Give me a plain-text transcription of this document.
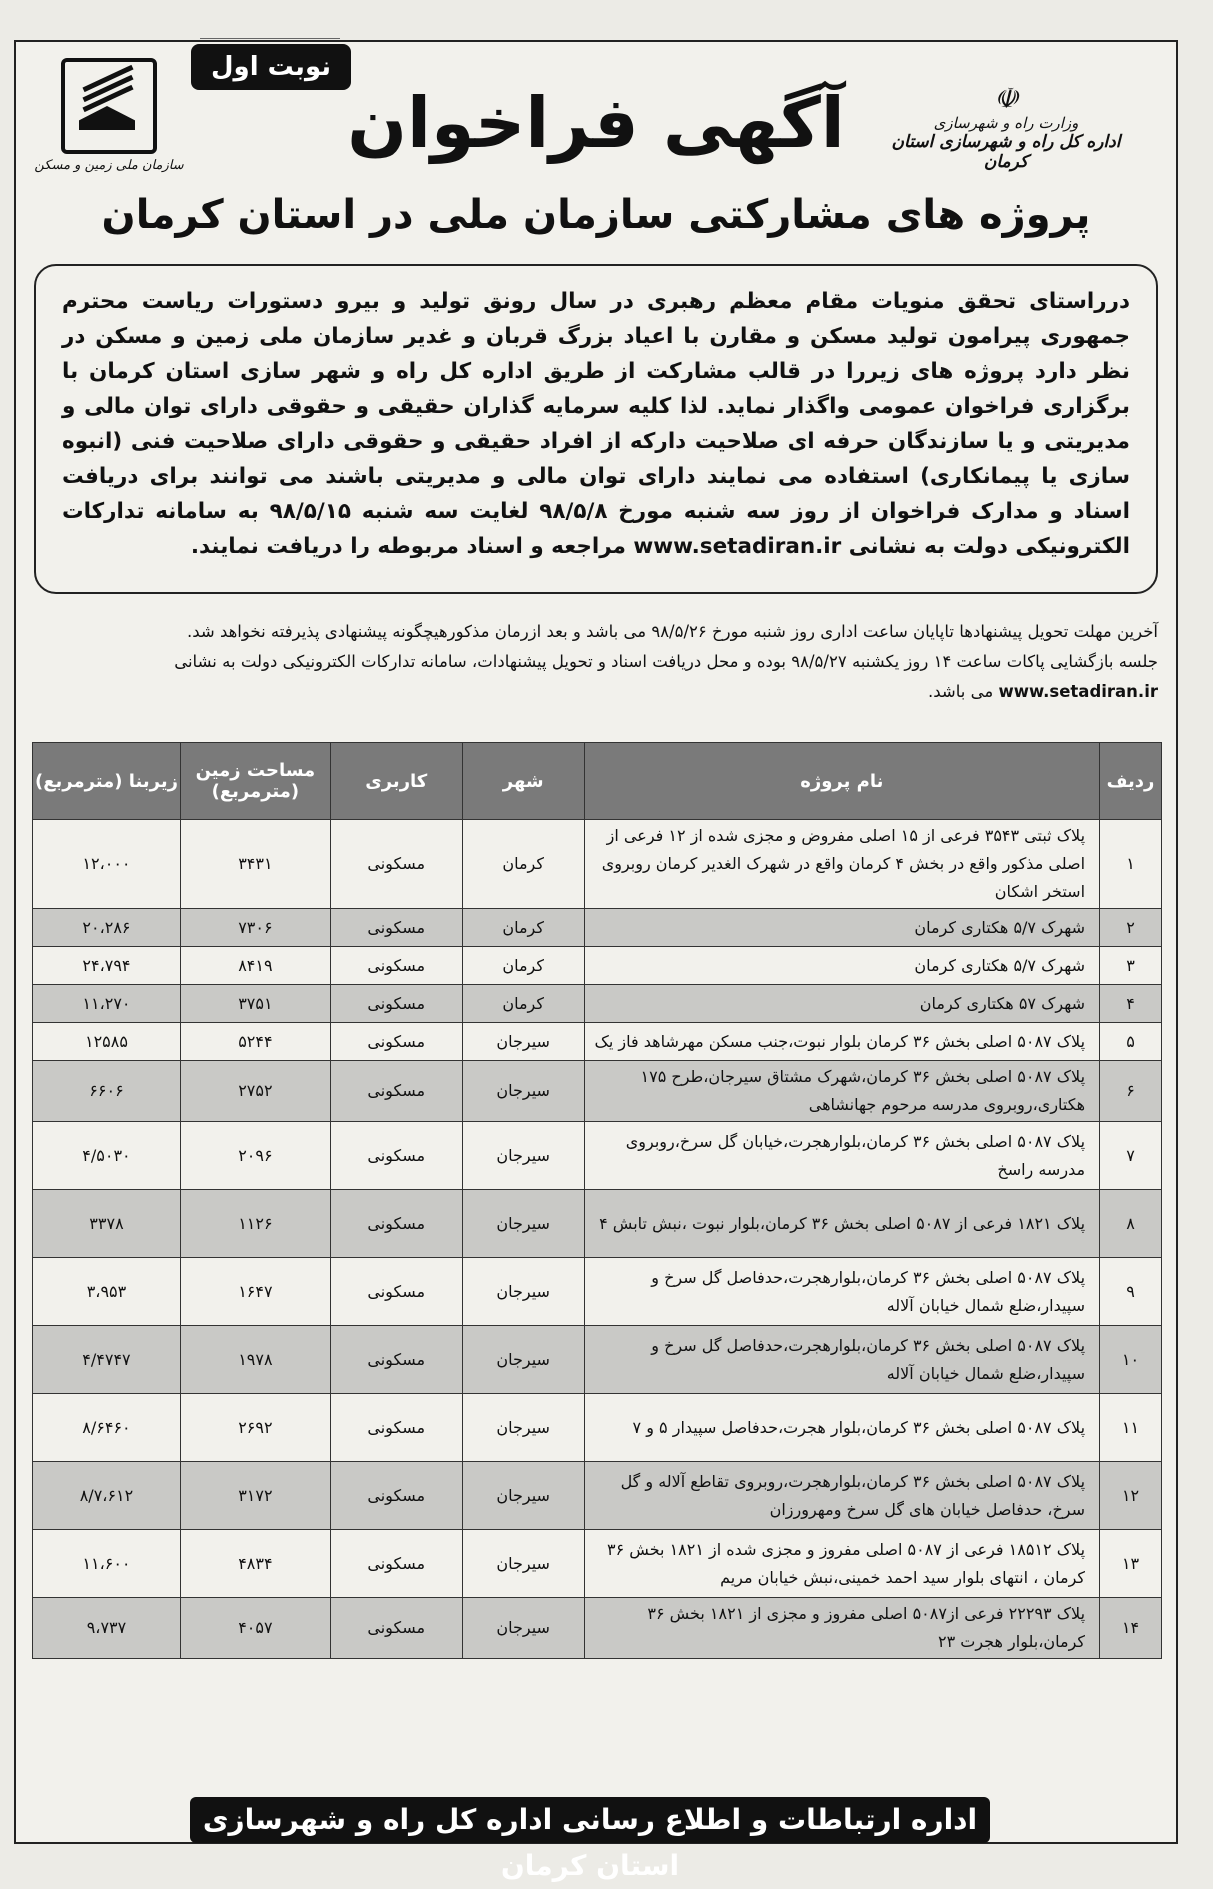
☫
وزارت راه و شهرسازی
اداره کل راه و شهرسازی استان کرمان
نوبت اول
سازمان ملی زمین و مسکن
آگهی فراخوان
پروژه های مشارکتی سازمان ملی در استان کرمان
درراستای تحقق منویات مقام معظم رهبری در سال رونق تولید و بیرو دستورات ریاست محترم جمهوری پیرامون تولید مسکن و مقارن با اعیاد بزرگ قربان و غدیر سازمان ملی زمین و مسکن در نظر دارد پروژه های زیررا در قالب مشارکت از طریق اداره کل راه و شهر سازی استان کرمان با برگزاری فراخوان عمومی واگذار نماید. لذا کلیه سرمایه گذاران حقیقی و حقوقی دارای توان مالی و مدیریتی و یا سازندگان حرفه ای صلاحیت دارکه از افراد حقیقی و حقوقی دارای صلاحیت فنی (انبوه سازی یا پیمانکاری) استفاده می نمایند دارای توان مالی و مدیریتی باشند می توانند برای دریافت اسناد و مدارک فراخوان از روز سه شنبه مورخ ۹۸/۵/۸ لغایت سه شنبه ۹۸/۵/۱۵ به سامانه تدارکات الکترونیکی دولت به نشانی www.setadiran.ir مراجعه و اسناد مربوطه را دریافت نمایند.
آخرین مهلت تحویل پیشنهادها تاپایان ساعت اداری روز شنبه مورخ ۹۸/۵/۲۶ می باشد و بعد ازرمان مذکورهیچگونه پیشنهادی پذیرفته نخواهد شد.
جلسه بازگشایی پاکات ساعت ۱۴ روز یکشنبه ۹۸/۵/۲۷ بوده و محل دریافت اسناد و تحویل پیشنهادات، سامانه تدارکات الکترونیکی دولت به نشانی www.setadiran.ir می باشد.
ردیف	نام پروژه	شهر	کاربری	مساحت زمین (مترمربع)	زیربنا (مترمربع)
۱	پلاک ثبتی ۳۵۴۳ فرعی از ۱۵ اصلی مفروض و مجزی شده از ۱۲ فرعی از اصلی مذکور واقع در بخش ۴ کرمان واقع در شهرک الغدیر کرمان روبروی استخر اشکان	کرمان	مسکونی	۳۴۳۱	۱۲،۰۰۰
۲	شهرک ۵/۷ هکتاری کرمان	کرمان	مسکونی	۷۳۰۶	۲۰،۲۸۶
۳	شهرک ۵/۷ هکتاری کرمان	کرمان	مسکونی	۸۴۱۹	۲۴،۷۹۴
۴	شهرک ۵۷ هکتاری کرمان	کرمان	مسکونی	۳۷۵۱	۱۱،۲۷۰
۵	پلاک ۵۰۸۷ اصلی بخش ۳۶ کرمان بلوار نبوت،جنب مسکن مهرشاهد فاز یک	سیرجان	مسکونی	۵۲۴۴	۱۲۵۸۵
۶	پلاک ۵۰۸۷ اصلی بخش ۳۶ کرمان،شهرک مشتاق سیرجان،طرح ۱۷۵ هکتاری،روبروی مدرسه مرحوم جهانشاهی	سیرجان	مسکونی	۲۷۵۲	۶۶۰۶
۷	پلاک ۵۰۸۷ اصلی بخش ۳۶ کرمان،بلوارهجرت،خیابان گل سرخ،روبروی مدرسه راسخ	سیرجان	مسکونی	۲۰۹۶	۴/۵۰۳۰
۸	پلاک ۱۸۲۱ فرعی از ۵۰۸۷ اصلی بخش ۳۶ کرمان،بلوار نبوت ،نبش تابش ۴	سیرجان	مسکونی	۱۱۲۶	۳۳۷۸
۹	پلاک ۵۰۸۷ اصلی بخش ۳۶ کرمان،بلوارهجرت،حدفاصل گل سرخ و سپیدار،ضلع شمال خیابان آلاله	سیرجان	مسکونی	۱۶۴۷	۳،۹۵۳
۱۰	پلاک ۵۰۸۷ اصلی بخش ۳۶ کرمان،بلوارهجرت،حدفاصل گل سرخ و سپیدار،ضلع شمال خیابان آلاله	سیرجان	مسکونی	۱۹۷۸	۴/۴۷۴۷
۱۱	پلاک ۵۰۸۷ اصلی بخش ۳۶ کرمان،بلوار هجرت،حدفاصل سپیدار ۵ و ۷	سیرجان	مسکونی	۲۶۹۲	۸/۶۴۶۰
۱۲	پلاک ۵۰۸۷ اصلی بخش ۳۶ کرمان،بلوارهجرت،روبروی تقاطع آلاله و گل سرخ، حدفاصل خیابان های گل سرخ ومهرورزان	سیرجان	مسکونی	۳۱۷۲	۸/۷،۶۱۲
۱۳	پلاک ۱۸۵۱۲ فرعی از ۵۰۸۷ اصلی مفروز و مجزی شده از ۱۸۲۱ بخش ۳۶ کرمان ، انتهای بلوار سید احمد خمینی،نبش خیابان مریم	سیرجان	مسکونی	۴۸۳۴	۱۱،۶۰۰
۱۴	پلاک ۲۲۲۹۳ فرعی از۵۰۸۷ اصلی مفروز و مجزی از ۱۸۲۱ بخش ۳۶ کرمان،بلوار هجرت ۲۳	سیرجان	مسکونی	۴۰۵۷	۹،۷۳۷
اداره ارتباطات و اطلاع رسانی اداره کل راه و شهرسازی استان کرمان
